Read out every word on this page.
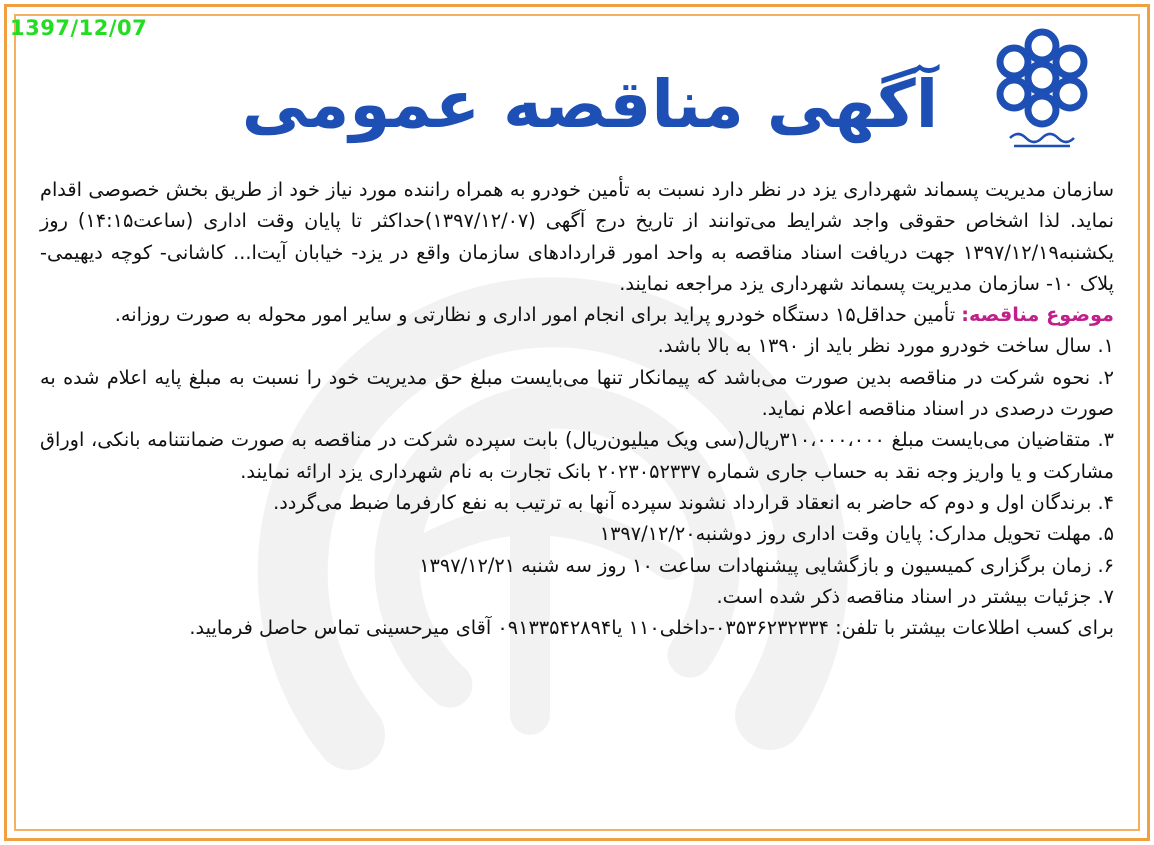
1397/12/07
آگهی مناقصه عمومی

سازمان مدیریت پسماند شهرداری یزد در نظر دارد نسبت به تأمین خودرو به همراه راننده مورد نیاز خود از طریق بخش خصوصی اقدام نماید. لذا اشخاص حقوقی واجد شرایط می‌توانند از تاریخ درج آگهی (۱۳۹۷/۱۲/۰۷)حداکثر تا پایان وقت اداری (ساعت۱۴:۱۵) روز یکشنبه۱۳۹۷/۱۲/۱۹ جهت دریافت اسناد مناقصه به واحد امور قراردادهای سازمان واقع در یزد- خیابان آیت‌ا... کاشانی- کوچه دیهیمی- پلاک ۱۰- سازمان مدیریت پسماند شهرداری یزد مراجعه نمایند.

موضوع مناقصه: تأمین حداقل۱۵ دستگاه خودرو پراید برای انجام امور اداری و نظارتی و سایر امور محوله به صورت روزانه.

۱. سال ساخت خودرو مورد نظر باید از ۱۳۹۰ به بالا باشد.

۲. نحوه شرکت در مناقصه بدین صورت می‌باشد که پیمانکار تنها می‌بایست مبلغ حق مدیریت خود را نسبت به مبلغ پایه اعلام شده به صورت درصدی در اسناد مناقصه اعلام نماید.

۳. متقاضیان می‌بایست مبلغ ۳۱۰،۰۰۰،۰۰۰ریال(سی ویک میلیون‌ریال) بابت سپرده شرکت در مناقصه به صورت ضمانتنامه بانکی، اوراق مشارکت و یا واریز وجه نقد به حساب جاری شماره ۲۰۲۳۰۵۲۳۳۷ بانک تجارت به نام شهرداری یزد ارائه نمایند.

۴. برندگان اول و دوم که حاضر به انعقاد قرارداد نشوند سپرده آنها به ترتیب به نفع کارفرما ضبط می‌گردد.

۵. مهلت تحویل مدارک: پایان وقت اداری روز دوشنبه۱۳۹۷/۱۲/۲۰

۶. زمان برگزاری کمیسیون و بازگشایی پیشنهادات ساعت ۱۰ روز سه شنبه ۱۳۹۷/۱۲/۲۱

۷. جزئیات بیشتر در اسناد مناقصه ذکر شده است.

برای کسب اطلاعات بیشتر با تلفن: ۰۳۵۳۶۲۳۲۳۳۴-داخلی۱۱۰ یا۰۹۱۳۳۵۴۲۸۹۴ آقای میرحسینی تماس حاصل فرمایید.
